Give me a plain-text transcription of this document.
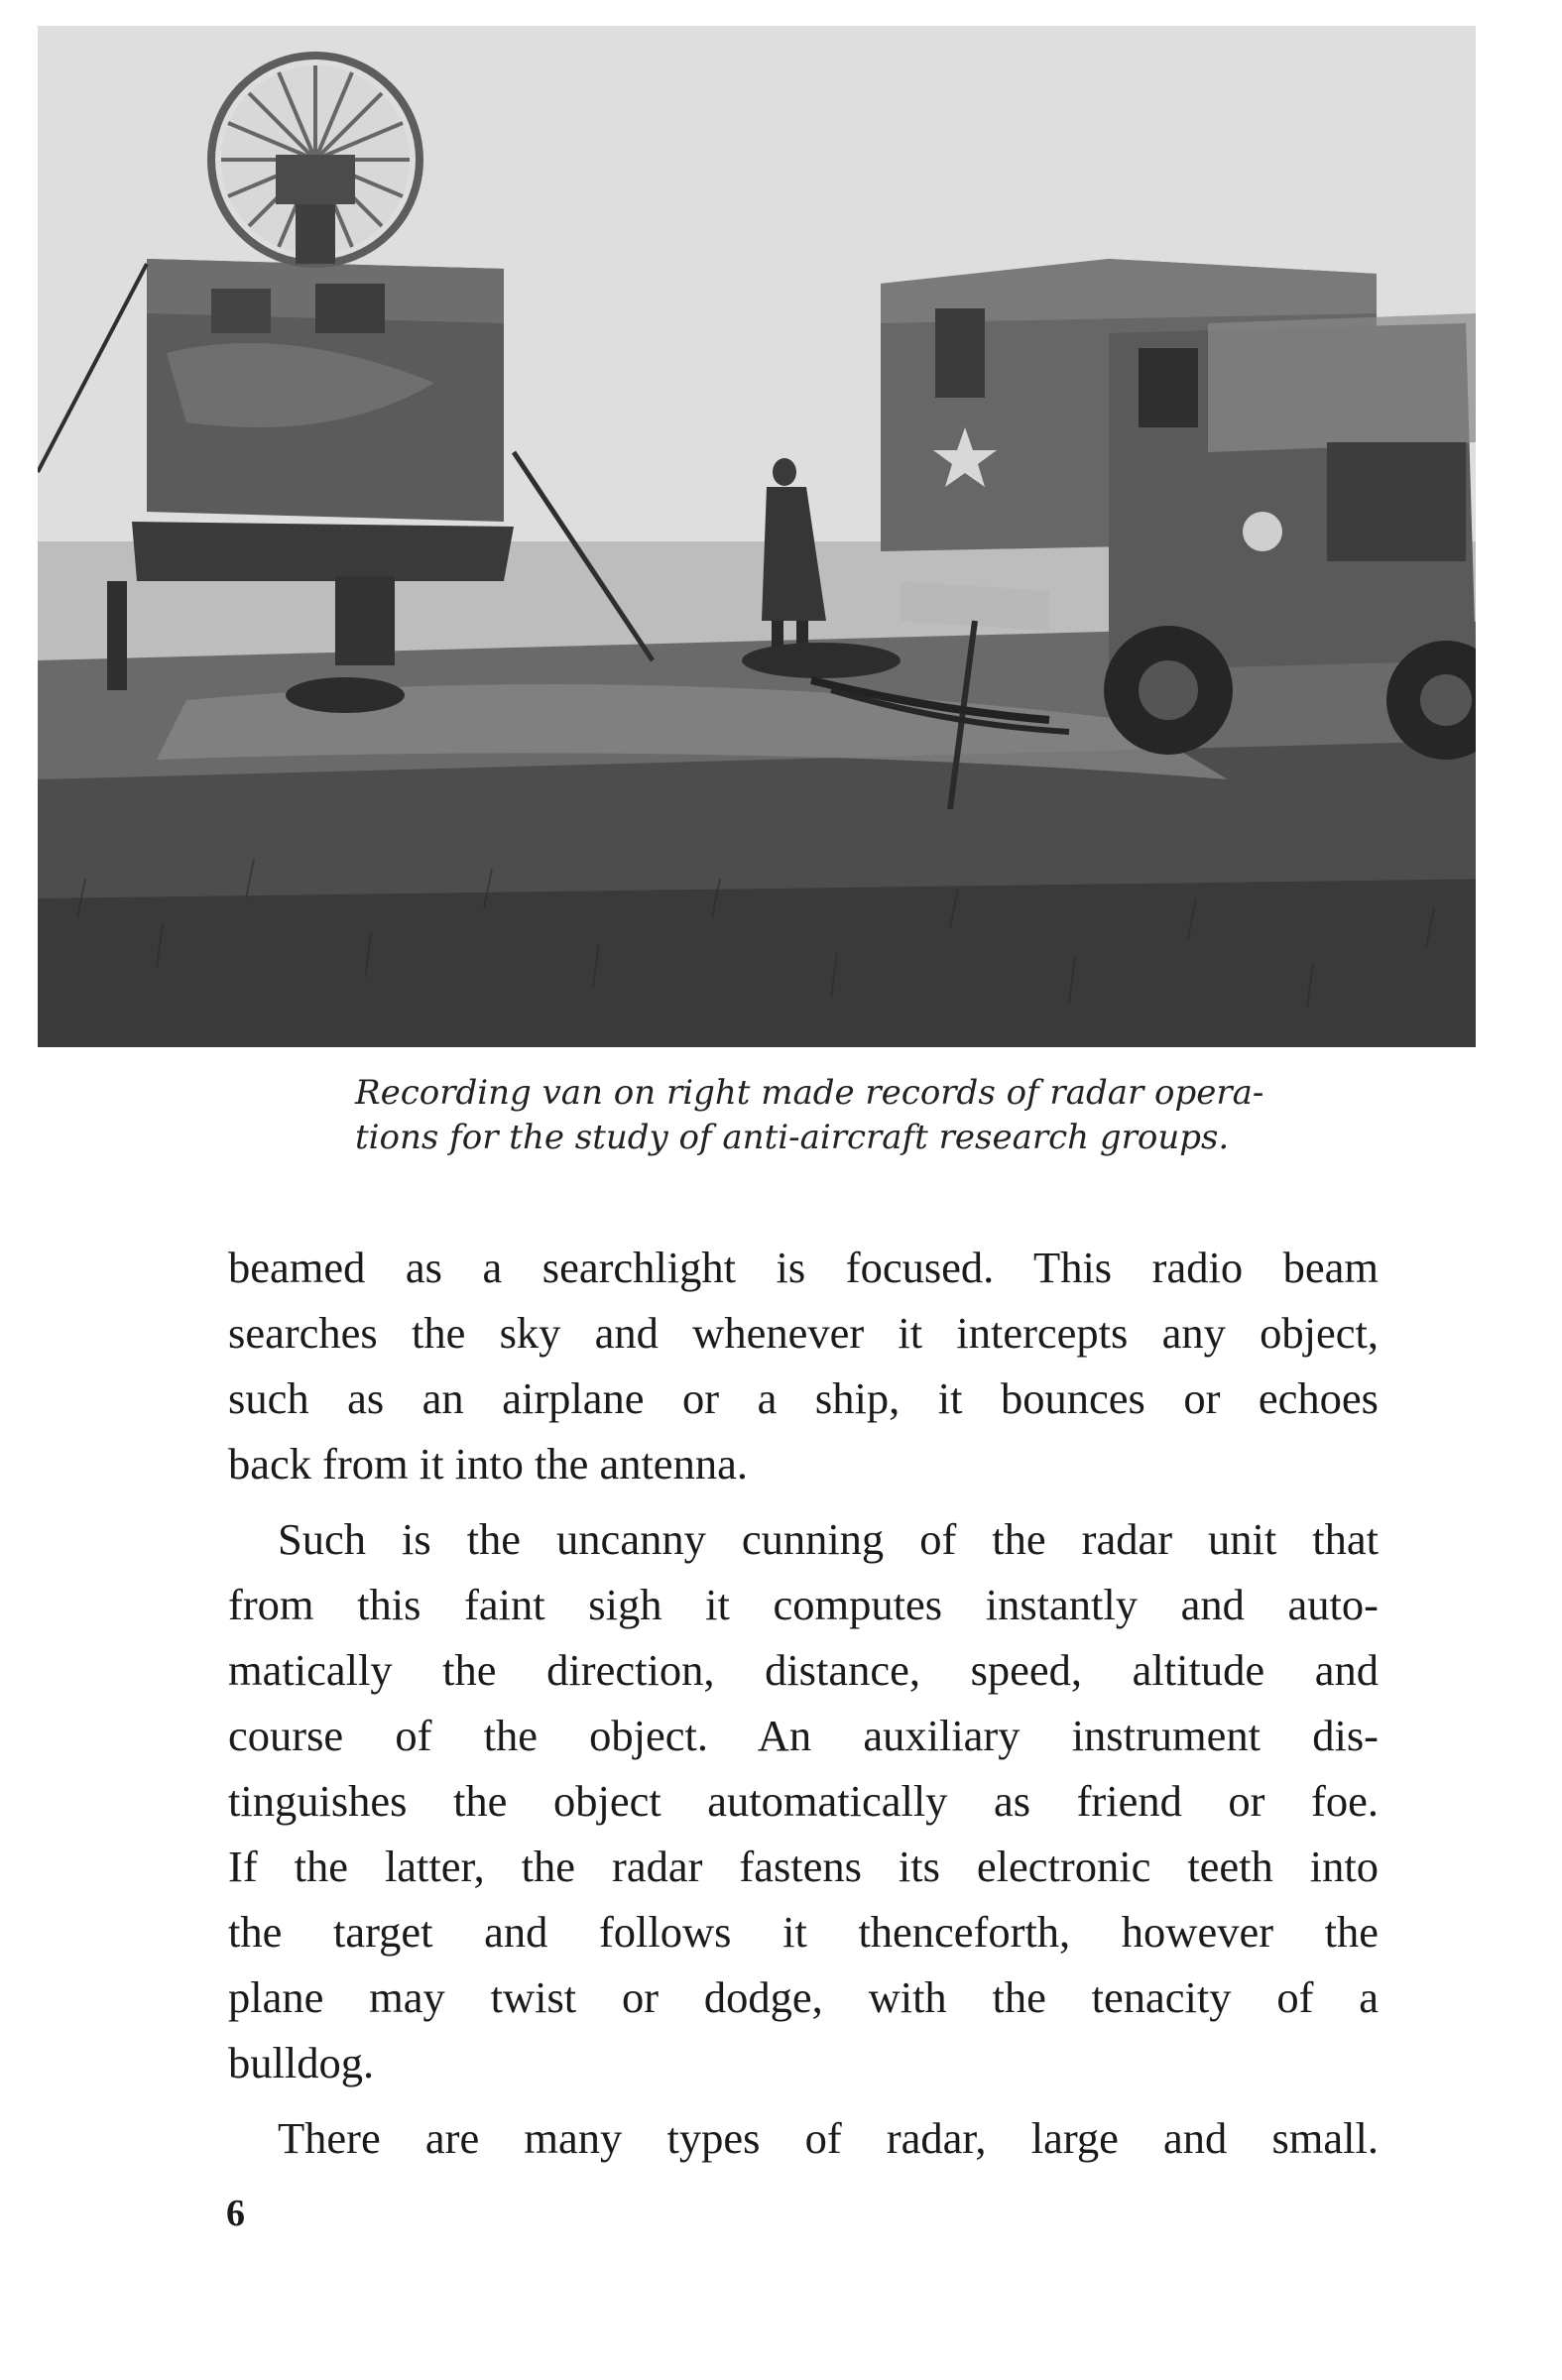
Recording van on right made records of radar opera-
tions for the study of anti-aircraft research groups.
beamed as a searchlight is focused. This radio beam
searches the sky and whenever it intercepts any object,
such as an airplane or a ship, it bounces or echoes
back from it into the antenna.
Such is the uncanny cunning of the radar unit that
from this faint sigh it computes instantly and auto-
matically the direction, distance, speed, altitude and
course of the object. An auxiliary instrument dis-
tinguishes the object automatically as friend or foe.
If the latter, the radar fastens its electronic teeth into
the target and follows it thenceforth, however the
plane may twist or dodge, with the tenacity of a
bulldog.
There are many types of radar, large and small.
6
